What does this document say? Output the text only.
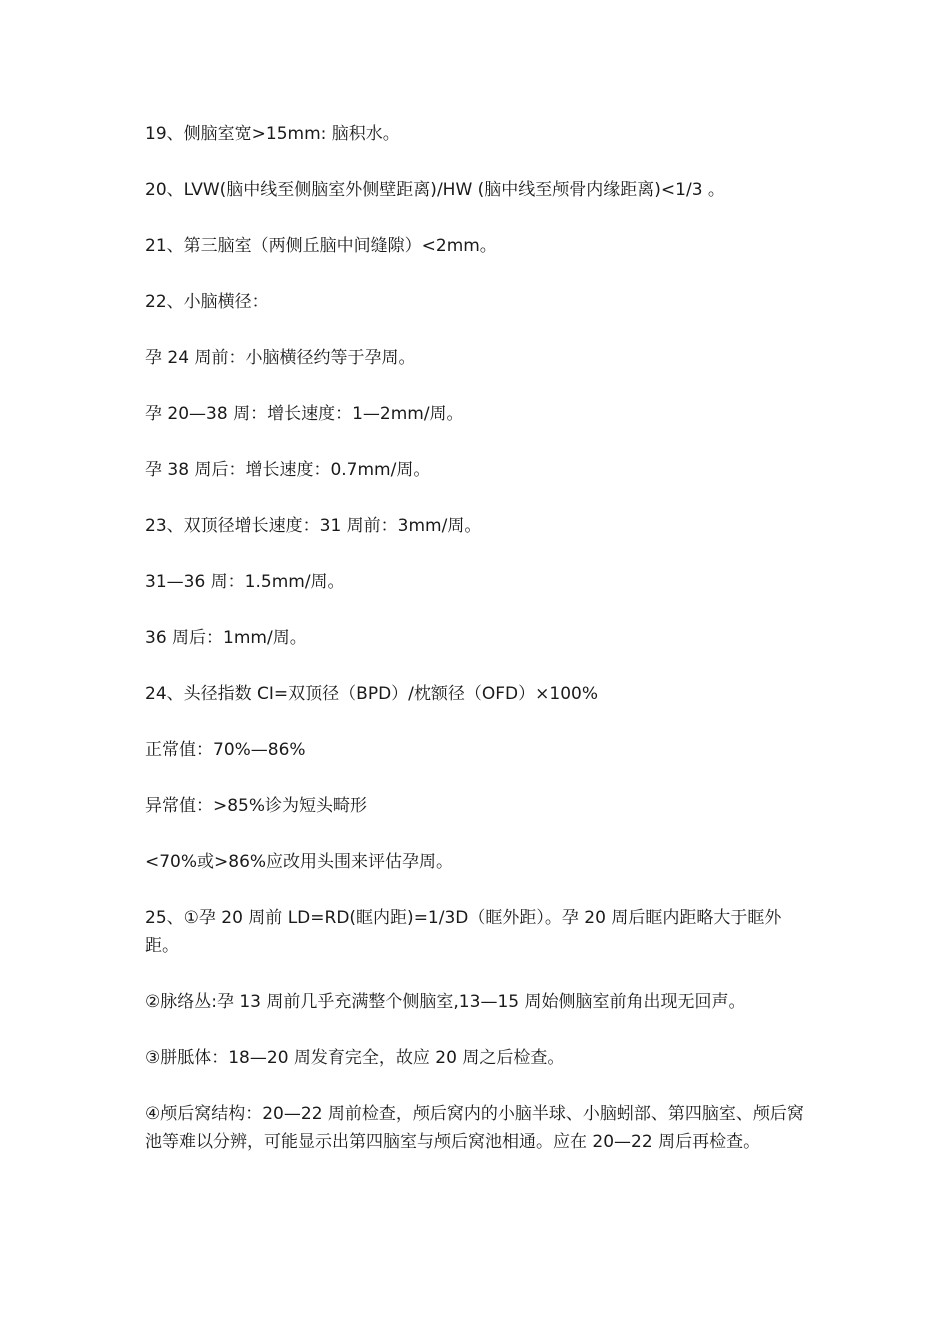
19、侧脑室宽>15mm: 脑积水。

20、LVW(脑中线至侧脑室外侧壁距离)/HW (脑中线至颅骨内缘距离)<1/3 。

21、第三脑室（两侧丘脑中间缝隙）<2mm。

22、小脑横径：

孕 24 周前：小脑横径约等于孕周。

孕 20—38 周：增长速度：1—2mm/周。

孕 38 周后：增长速度：0.7mm/周。

23、双顶径增长速度：31 周前：3mm/周。

31—36 周：1.5mm/周。

36 周后：1mm/周。

24、头径指数 CI=双顶径（BPD）/枕额径（OFD）×100%

正常值：70%—86%

异常值：>85%诊为短头畸形

<70%或>86%应改用头围来评估孕周。

25、①孕 20 周前 LD=RD(眶内距)=1/3D（眶外距）。孕 20 周后眶内距略大于眶外距。

②脉络丛:孕 13 周前几乎充满整个侧脑室,13—15 周始侧脑室前角出现无回声。

③胼胝体：18—20 周发育完全，故应 20 周之后检查。

④颅后窝结构：20—22 周前检查，颅后窝内的小脑半球、小脑蚓部、第四脑室、颅后窝池等难以分辨，可能显示出第四脑室与颅后窝池相通。应在 20—22 周后再检查。
